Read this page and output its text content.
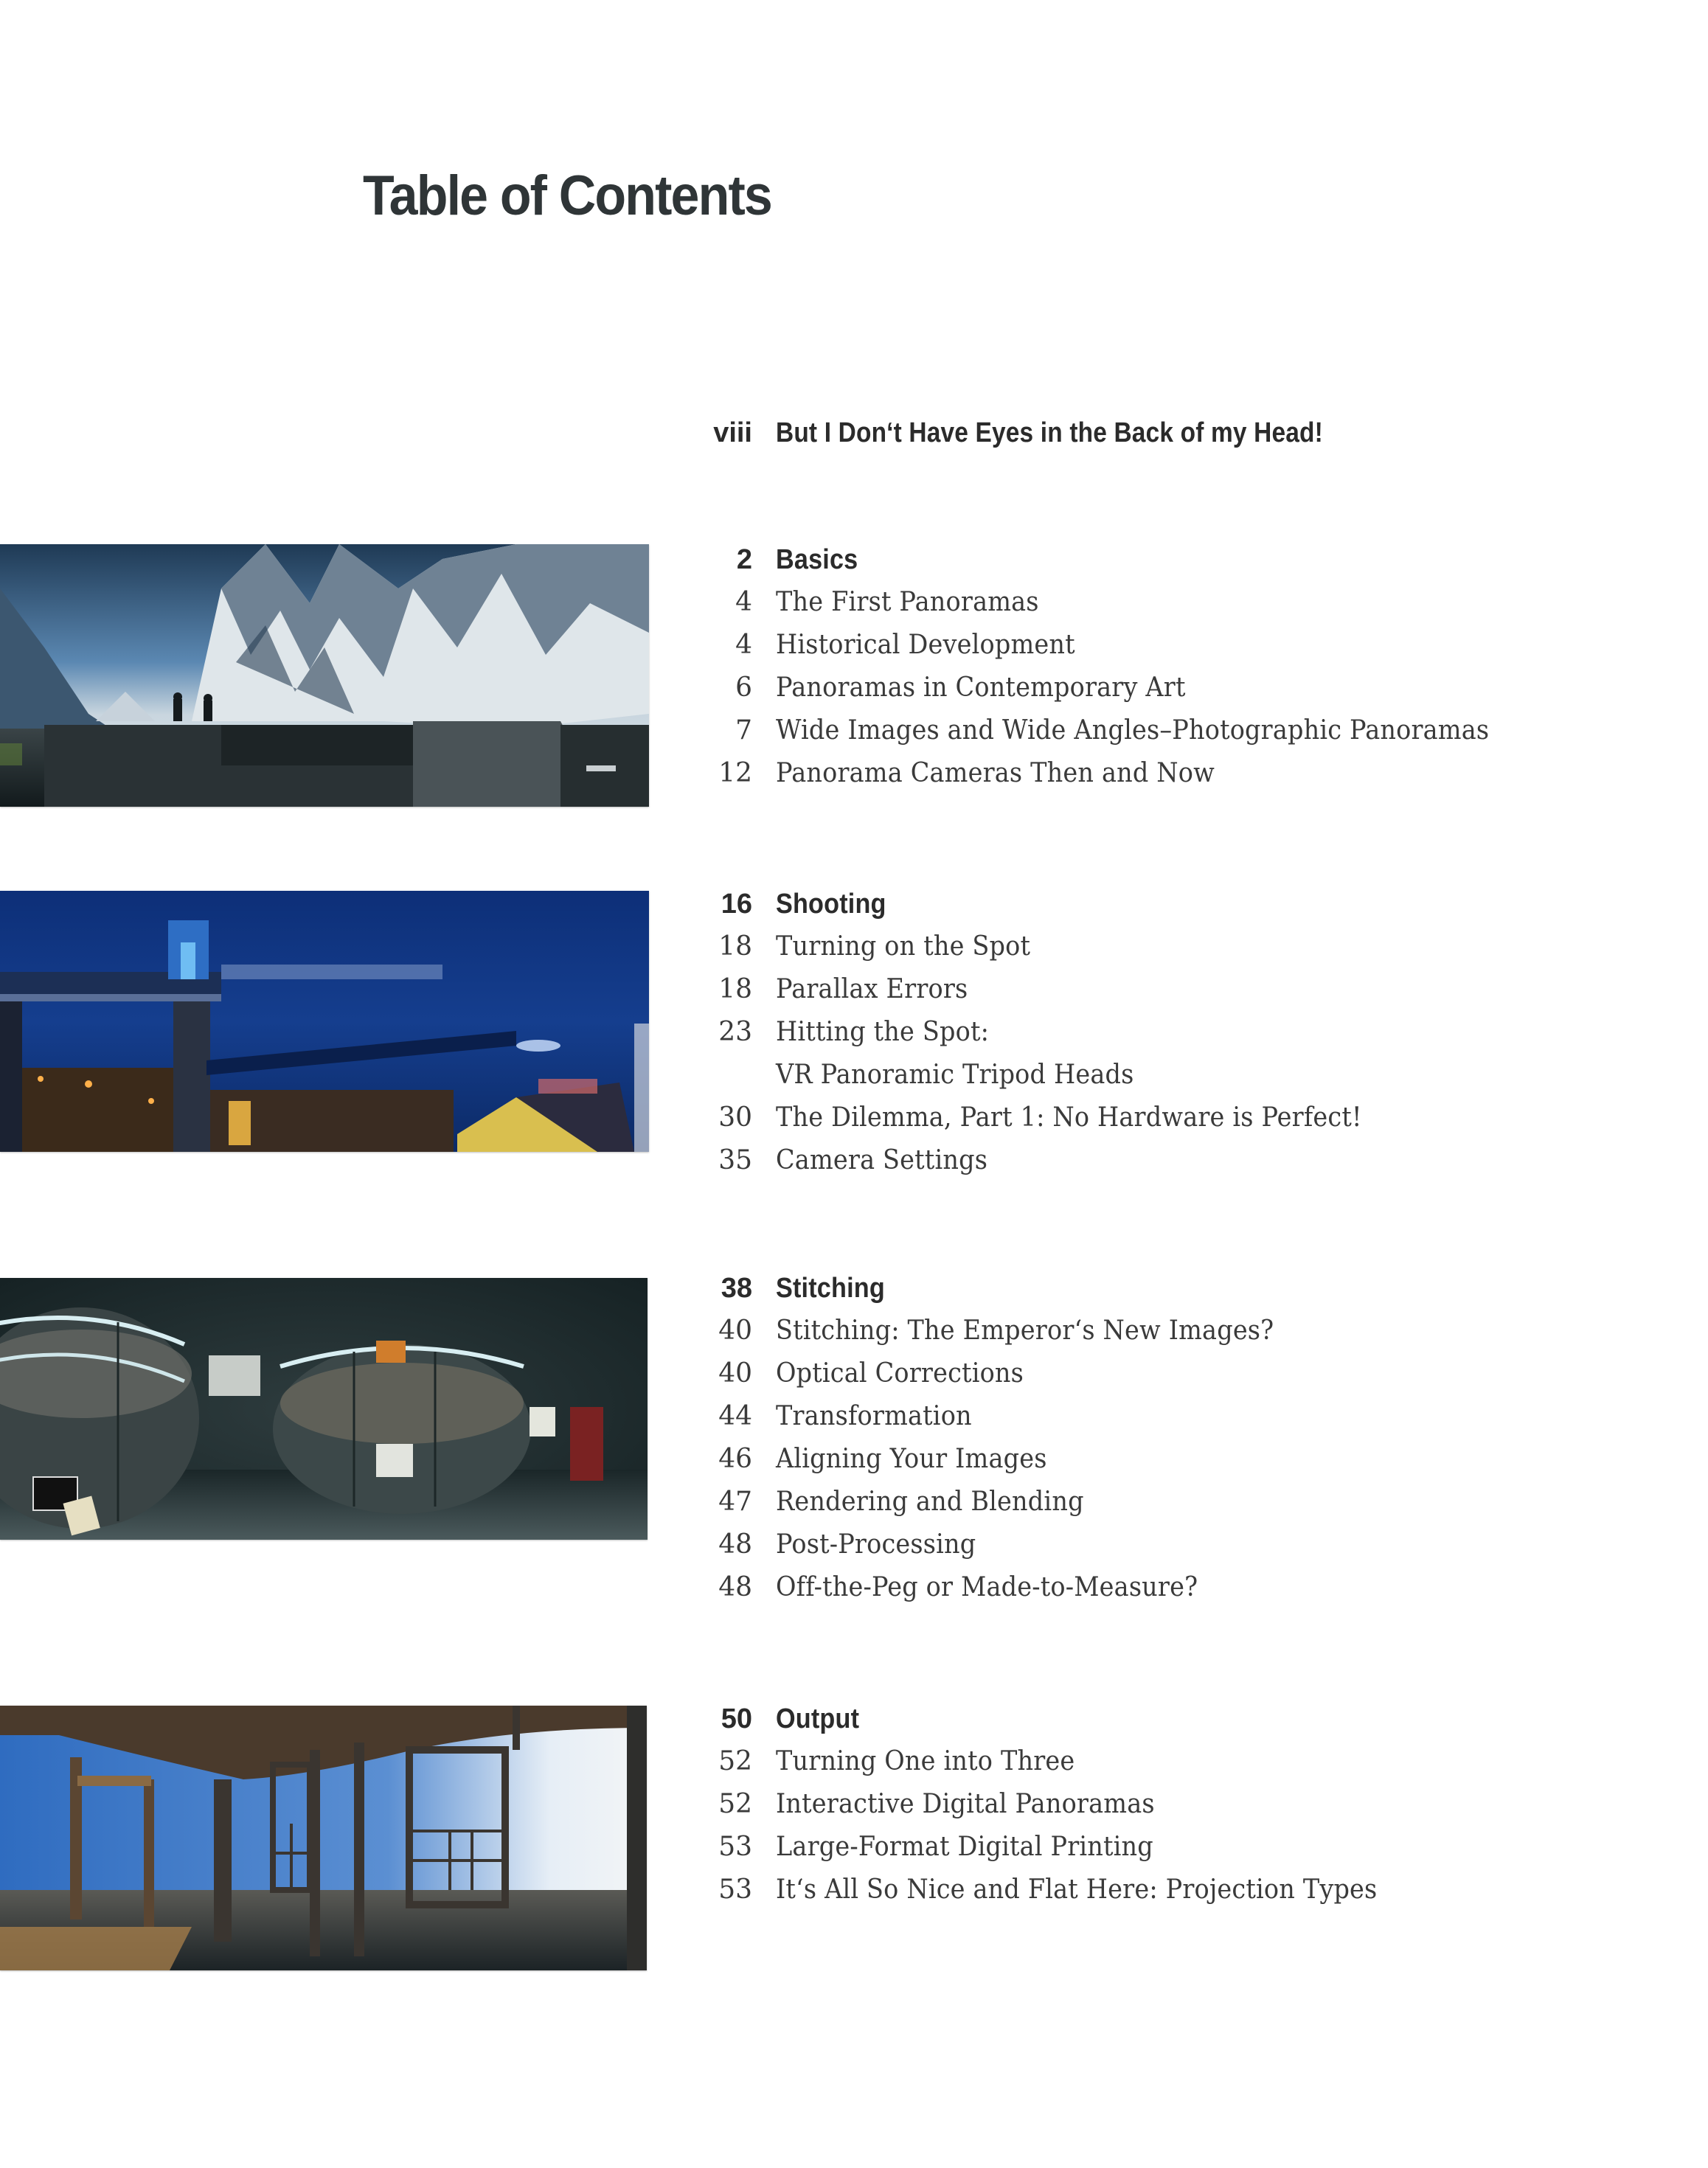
Table of Contents
viii But I Don‘t Have Eyes in the Back of my Head!
2 Basics
4 The First Panoramas
4 Historical Development
6 Panoramas in Contemporary Art
7 Wide Images and Wide Angles–Photographic Panoramas
12 Panorama Cameras Then and Now
16 Shooting
18 Turning on the Spot
18 Parallax Errors
23 Hitting the Spot:
VR Panoramic Tripod Heads
30 The Dilemma, Part 1: No Hardware is Perfect!
35 Camera Settings
38 Stitching
40 Stitching: The Emperor‘s New Images?
40 Optical Corrections
44 Transformation
46 Aligning Your Images
47 Rendering and Blending
48 Post-Processing
48 Off-the-Peg or Made-to-Measure?
50 Output
52 Turning One into Three
52 Interactive Digital Panoramas
53 Large-Format Digital Printing
53 It‘s All So Nice and Flat Here: Projection Types
